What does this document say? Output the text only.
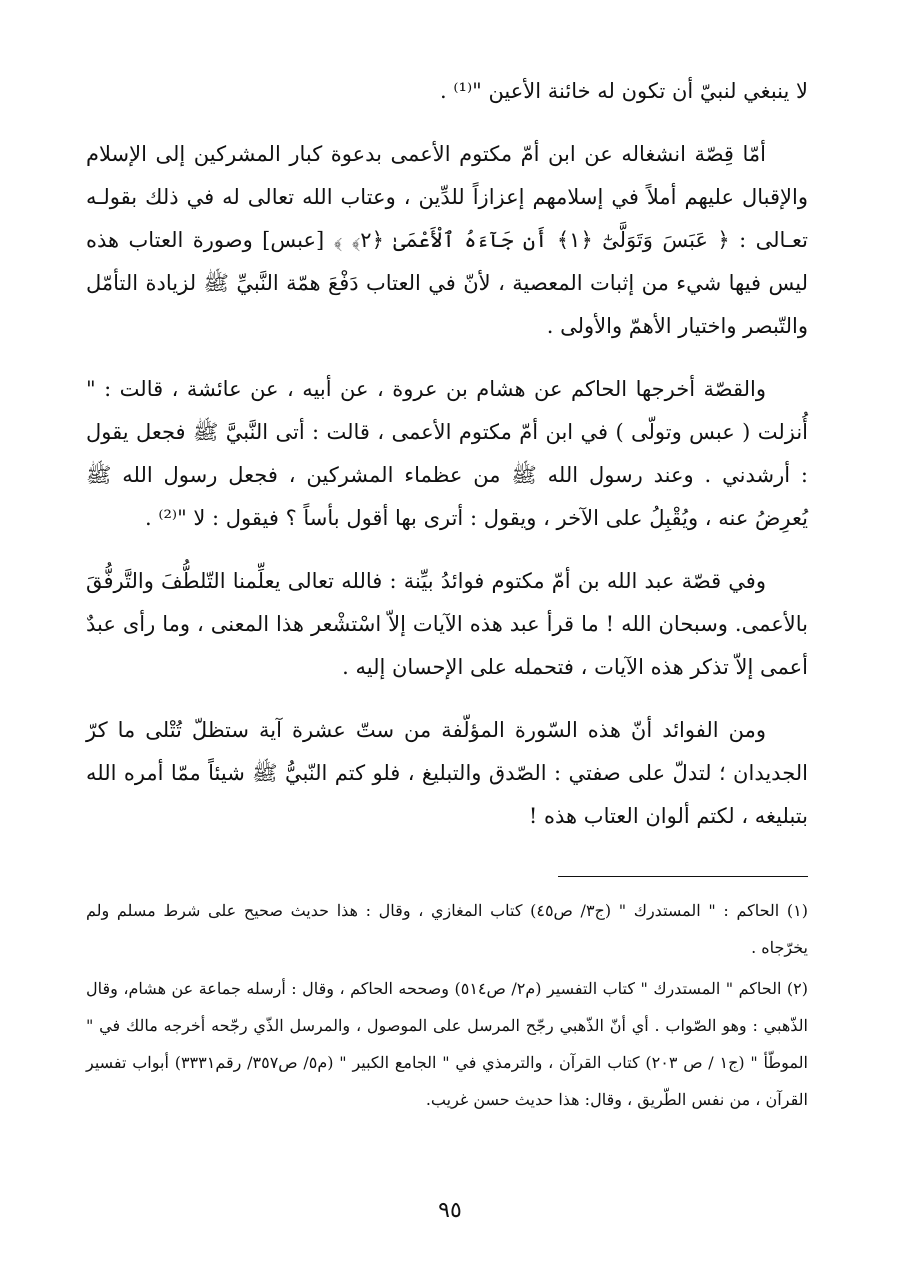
لا ينبغي لنبيّ أن تكون له خائنة الأعين "⁽¹⁾ .

أمّا قِصّة انشغاله عن ابن أمّ مكتوم الأعمى بدعوة كبار المشركين إلى الإسلام والإقبال عليهم أملاً في إسلامهم إعزازاً للدِّين ، وعتاب الله تعالى له في ذلك بقولـه تعـالى : ﴿ عَبَسَ وَتَوَلَّىٰٓ ﴿١﴾ أَن جَآءَهُ ٱلْأَعْمَىٰ ﴿٢﴾ ﴾ [عبس] وصورة العتاب هذه ليس فيها شيء من إثبات المعصية ، لأنّ في العتاب دَفْعَ همّة النَّبيِّ ﷺ لزيادة التأمّل والتّبصر واختيار الأهمّ والأولى .

والقصّة أخرجها الحاكم عن هشام بن عروة ، عن أبيه ، عن عائشة ، قالت : " أُنزلت ( عبس وتولّى ) في ابن أمّ مكتوم الأعمى ، قالت : أتى النَّبيَّ ﷺ فجعل يقول : أرشدني . وعند رسول الله ﷺ من عظماء المشركين ، فجعل رسول الله ﷺ يُعرِضُ عنه ، ويُقْبِلُ على الآخر ، ويقول : أترى بها أقول بأساً ؟ فيقول : لا "⁽²⁾ .

وفي قصّة عبد الله بن أمّ مكتوم فوائدُ بيِّنة : فالله تعالى يعلِّمنا التّلطُّفَ والتَّرفُّقَ بالأعمى. وسبحان الله ! ما قرأ عبد هذه الآيات إلاّ اسْتشْعر هذا المعنى ، وما رأى عبدٌ أعمى إلاّ تذكر هذه الآيات ، فتحمله على الإحسان إليه .

ومن الفوائد أنّ هذه السّورة المؤلّفة من ستّ عشرة آية ستظلّ تُتْلى ما كرّ الجديدان ؛ لتدلّ على صفتي : الصّدق والتبليغ ، فلو كتم النّبيُّ ﷺ شيئاً ممّا أمره الله بتبليغه ، لكتم ألوان العتاب هذه !

(١) الحاكم : " المستدرك " (ج٣/ ص٤٥) كتاب المغازي ، وقال : هذا حديث صحيح على شرط مسلم ولم يخرّجاه .

(٢) الحاكم " المستدرك " كتاب التفسير (م٢/ ص٥١٤) وصححه الحاكم ، وقال : أرسله جماعة عن هشام، وقال الذّهبي : وهو الصّواب . أي أنّ الذّهبي رجّح المرسل على الموصول ، والمرسل الذّي رجّحه أخرجه مالك في " الموطّأ " (ج١ / ص ٢٠٣) كتاب القرآن ، والترمذي في " الجامع الكبير " (م٥/ ص٣٥٧/ رقم٣٣٣١) أبواب تفسير القرآن ، من نفس الطّريق ، وقال: هذا حديث حسن غريب.

٩٥
